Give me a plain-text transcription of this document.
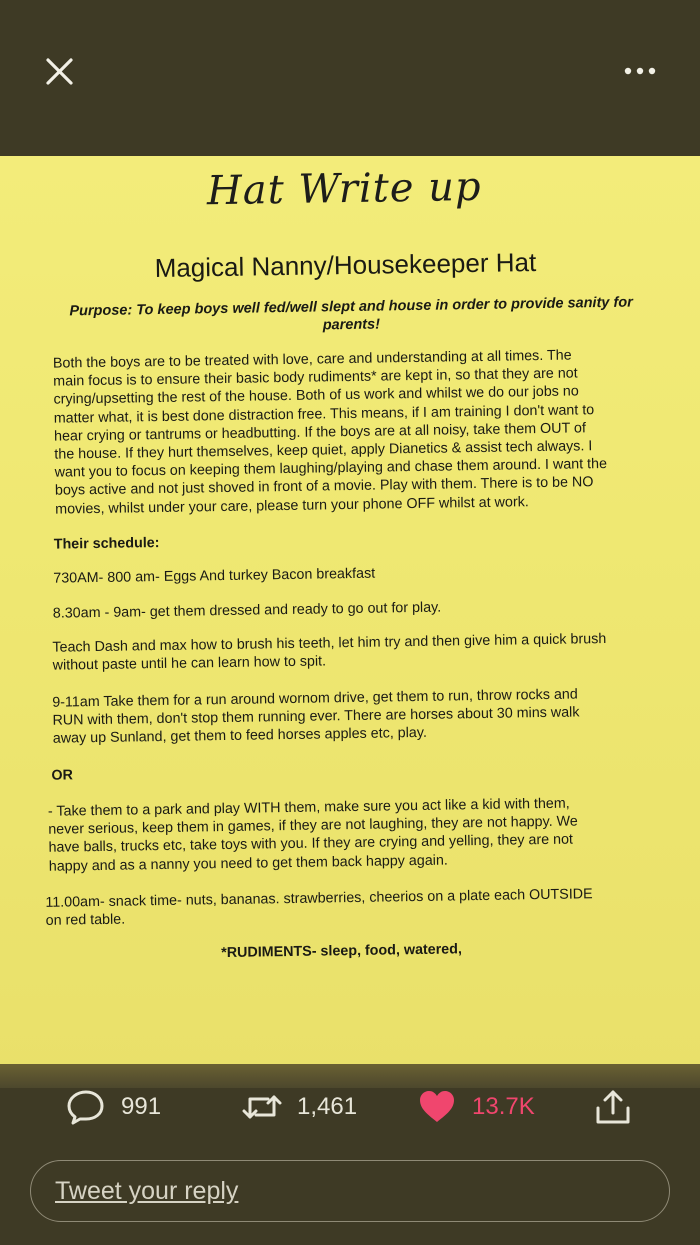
Hat Write up
Magical Nanny/Housekeeper Hat
Purpose: To keep boys well fed/well slept and house in order to provide sanity for
parents!
Both the boys are to be treated with love, care and understanding at all times. The
main focus is to ensure their basic body rudiments* are kept in, so that they are not
crying/upsetting the rest of the house. Both of us work and whilst we do our jobs no
matter what, it is best done distraction free. This means, if I am training I don't want to
hear crying or tantrums or headbutting. If the boys are at all noisy, take them OUT of
the house. If they hurt themselves, keep quiet, apply Dianetics & assist tech always. I
want you to focus on keeping them laughing/playing and chase them around. I want the
boys active and not just shoved in front of a movie. Play with them. There is to be NO
movies, whilst under your care, please turn your phone OFF whilst at work.
Their schedule:
730AM- 800 am- Eggs And turkey Bacon breakfast
8.30am - 9am- get them dressed and ready to go out for play.
Teach Dash and max how to brush his teeth, let him try and then give him a quick brush
without paste until he can learn how to spit.
9-11am Take them for a run around wornom drive, get them to run, throw rocks and
RUN with them, don't stop them running ever. There are horses about 30 mins walk
away up Sunland, get them to feed horses apples etc, play.
OR
- Take them to a park and play WITH them, make sure you act like a kid with them,
never serious, keep them in games, if they are not laughing, they are not happy. We
have balls, trucks etc, take toys with you. If they are crying and yelling, they are not
happy and as a nanny you need to get them back happy again.
11.00am- snack time- nuts, bananas. strawberries, cheerios on a plate each OUTSIDE
on red table.
*RUDIMENTS- sleep, food, watered,
991	1,461	13.7K
Tweet your reply
